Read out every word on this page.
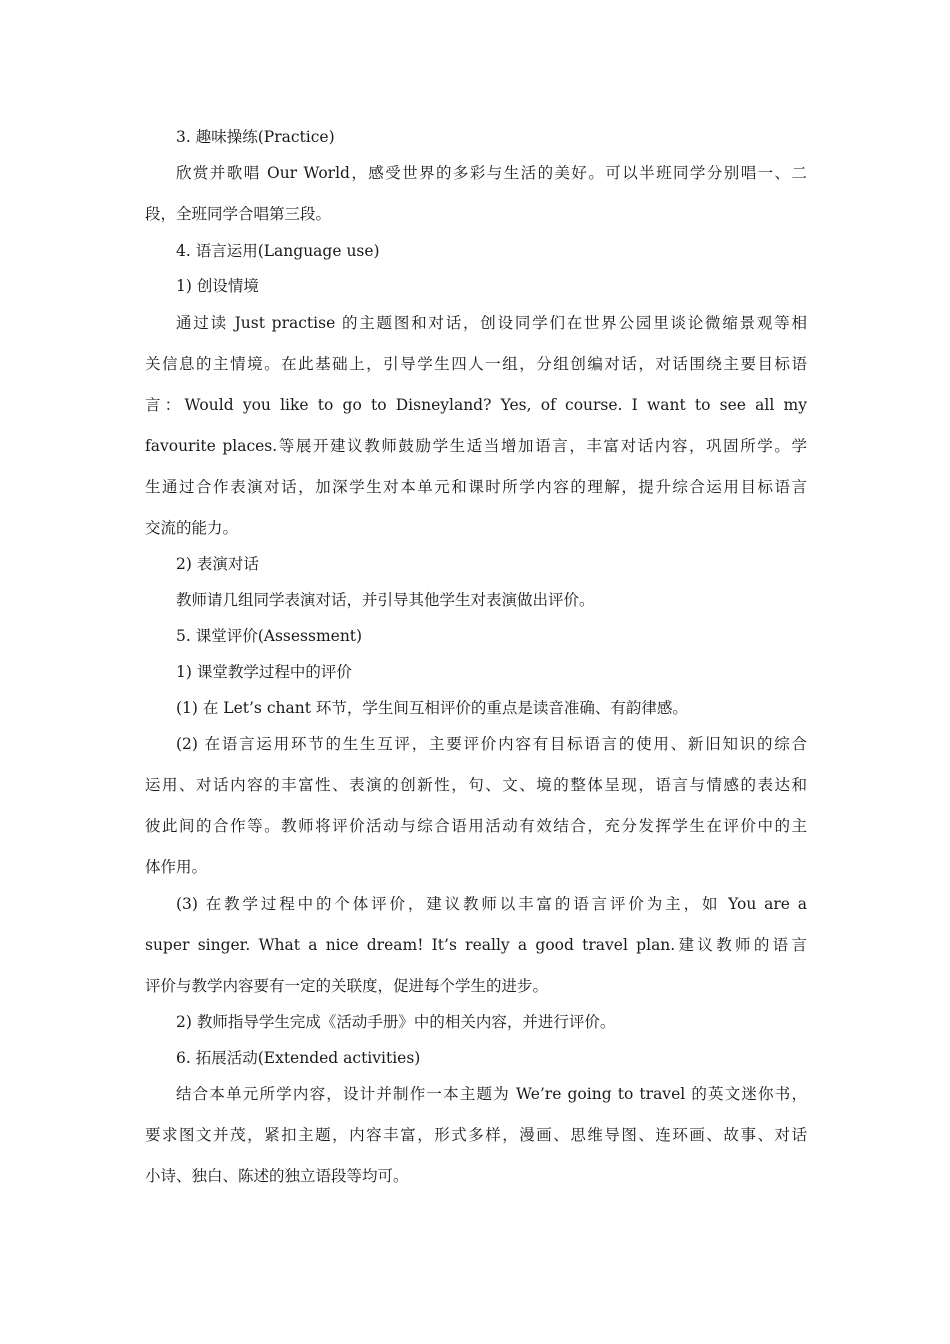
3. 趣味操练(Practice)
欣赏并歌唱 Our World，感受世界的多彩与生活的美好。可以半班同学分别唱一、二
段，全班同学合唱第三段。
4. 语言运用(Language use)
1) 创设情境
通过读 Just practise 的主题图和对话，创设同学们在世界公园里谈论微缩景观等相
关信息的主情境。在此基础上，引导学生四人一组，分组创编对话，对话围绕主要目标语
言：Would you like to go to Disneyland? Yes, of course. I want to see all my
favourite places.等展开建议教师鼓励学生适当增加语言，丰富对话内容，巩固所学。学
生通过合作表演对话，加深学生对本单元和课时所学内容的理解，提升综合运用目标语言
交流的能力。
2) 表演对话
教师请几组同学表演对话，并引导其他学生对表演做出评价。
5. 课堂评价(Assessment)
1) 课堂教学过程中的评价
(1) 在 Let’s chant 环节，学生间互相评价的重点是读音准确、有韵律感。
(2) 在语言运用环节的生生互评，主要评价内容有目标语言的使用、新旧知识的综合
运用、对话内容的丰富性、表演的创新性，句、文、境的整体呈现，语言与情感的表达和
彼此间的合作等。教师将评价活动与综合语用活动有效结合，充分发挥学生在评价中的主
体作用。
(3) 在教学过程中的个体评价，建议教师以丰富的语言评价为主，如 You are a
super singer. What a nice dream! It’s really a good travel plan.建议教师的语言
评价与教学内容要有一定的关联度，促进每个学生的进步。
2) 教师指导学生完成《活动手册》中的相关内容，并进行评价。
6. 拓展活动(Extended activities)
结合本单元所学内容，设计并制作一本主题为 We’re going to travel 的英文迷你书，
要求图文并茂，紧扣主题，内容丰富，形式多样，漫画、思维导图、连环画、故事、对话
小诗、独白、陈述的独立语段等均可。
